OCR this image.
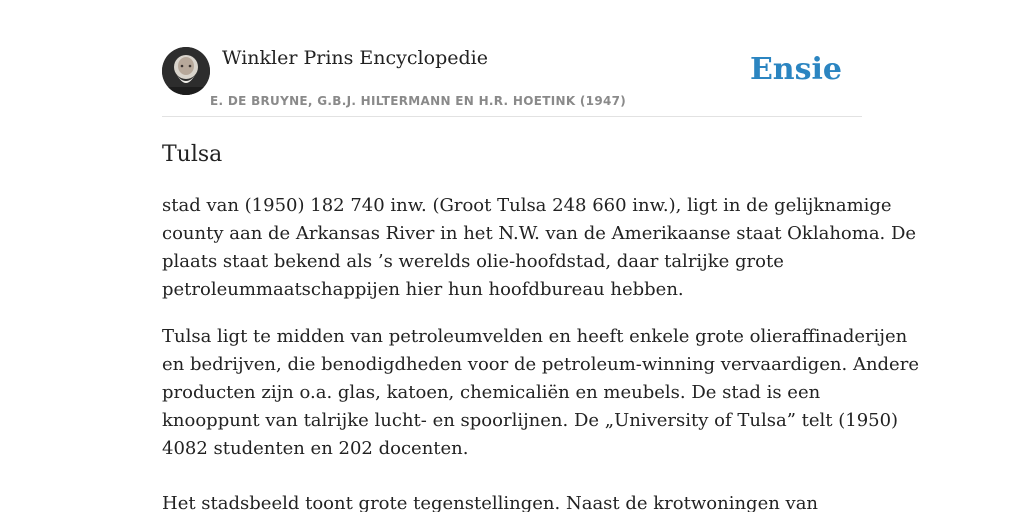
Winkler Prins Encyclopedie
E. DE BRUYNE, G.B.J. HILTERMANN EN H.R. HOETINK (1947)
Ensie
Tulsa

stad van (1950) 182 740 inw. (Groot Tulsa 248 660 inw.), ligt in de gelijknamige
county aan de Arkansas River in het N.W. van de Amerikaanse staat Oklahoma. De
plaats staat bekend als ’s werelds olie-hoofdstad, daar talrijke grote
petroleummaatschappijen hier hun hoofdbureau hebben.

Tulsa ligt te midden van petroleumvelden en heeft enkele grote olieraffinaderijen
en bedrijven, die benodigdheden voor de petroleum-winning vervaardigen. Andere
producten zijn o.a. glas, katoen, chemicaliën en meubels. De stad is een
knooppunt van talrijke lucht- en spoorlijnen. De „University of Tulsa” telt (1950)
4082 studenten en 202 docenten.

Het stadsbeeld toont grote tegenstellingen. Naast de krotwoningen van
